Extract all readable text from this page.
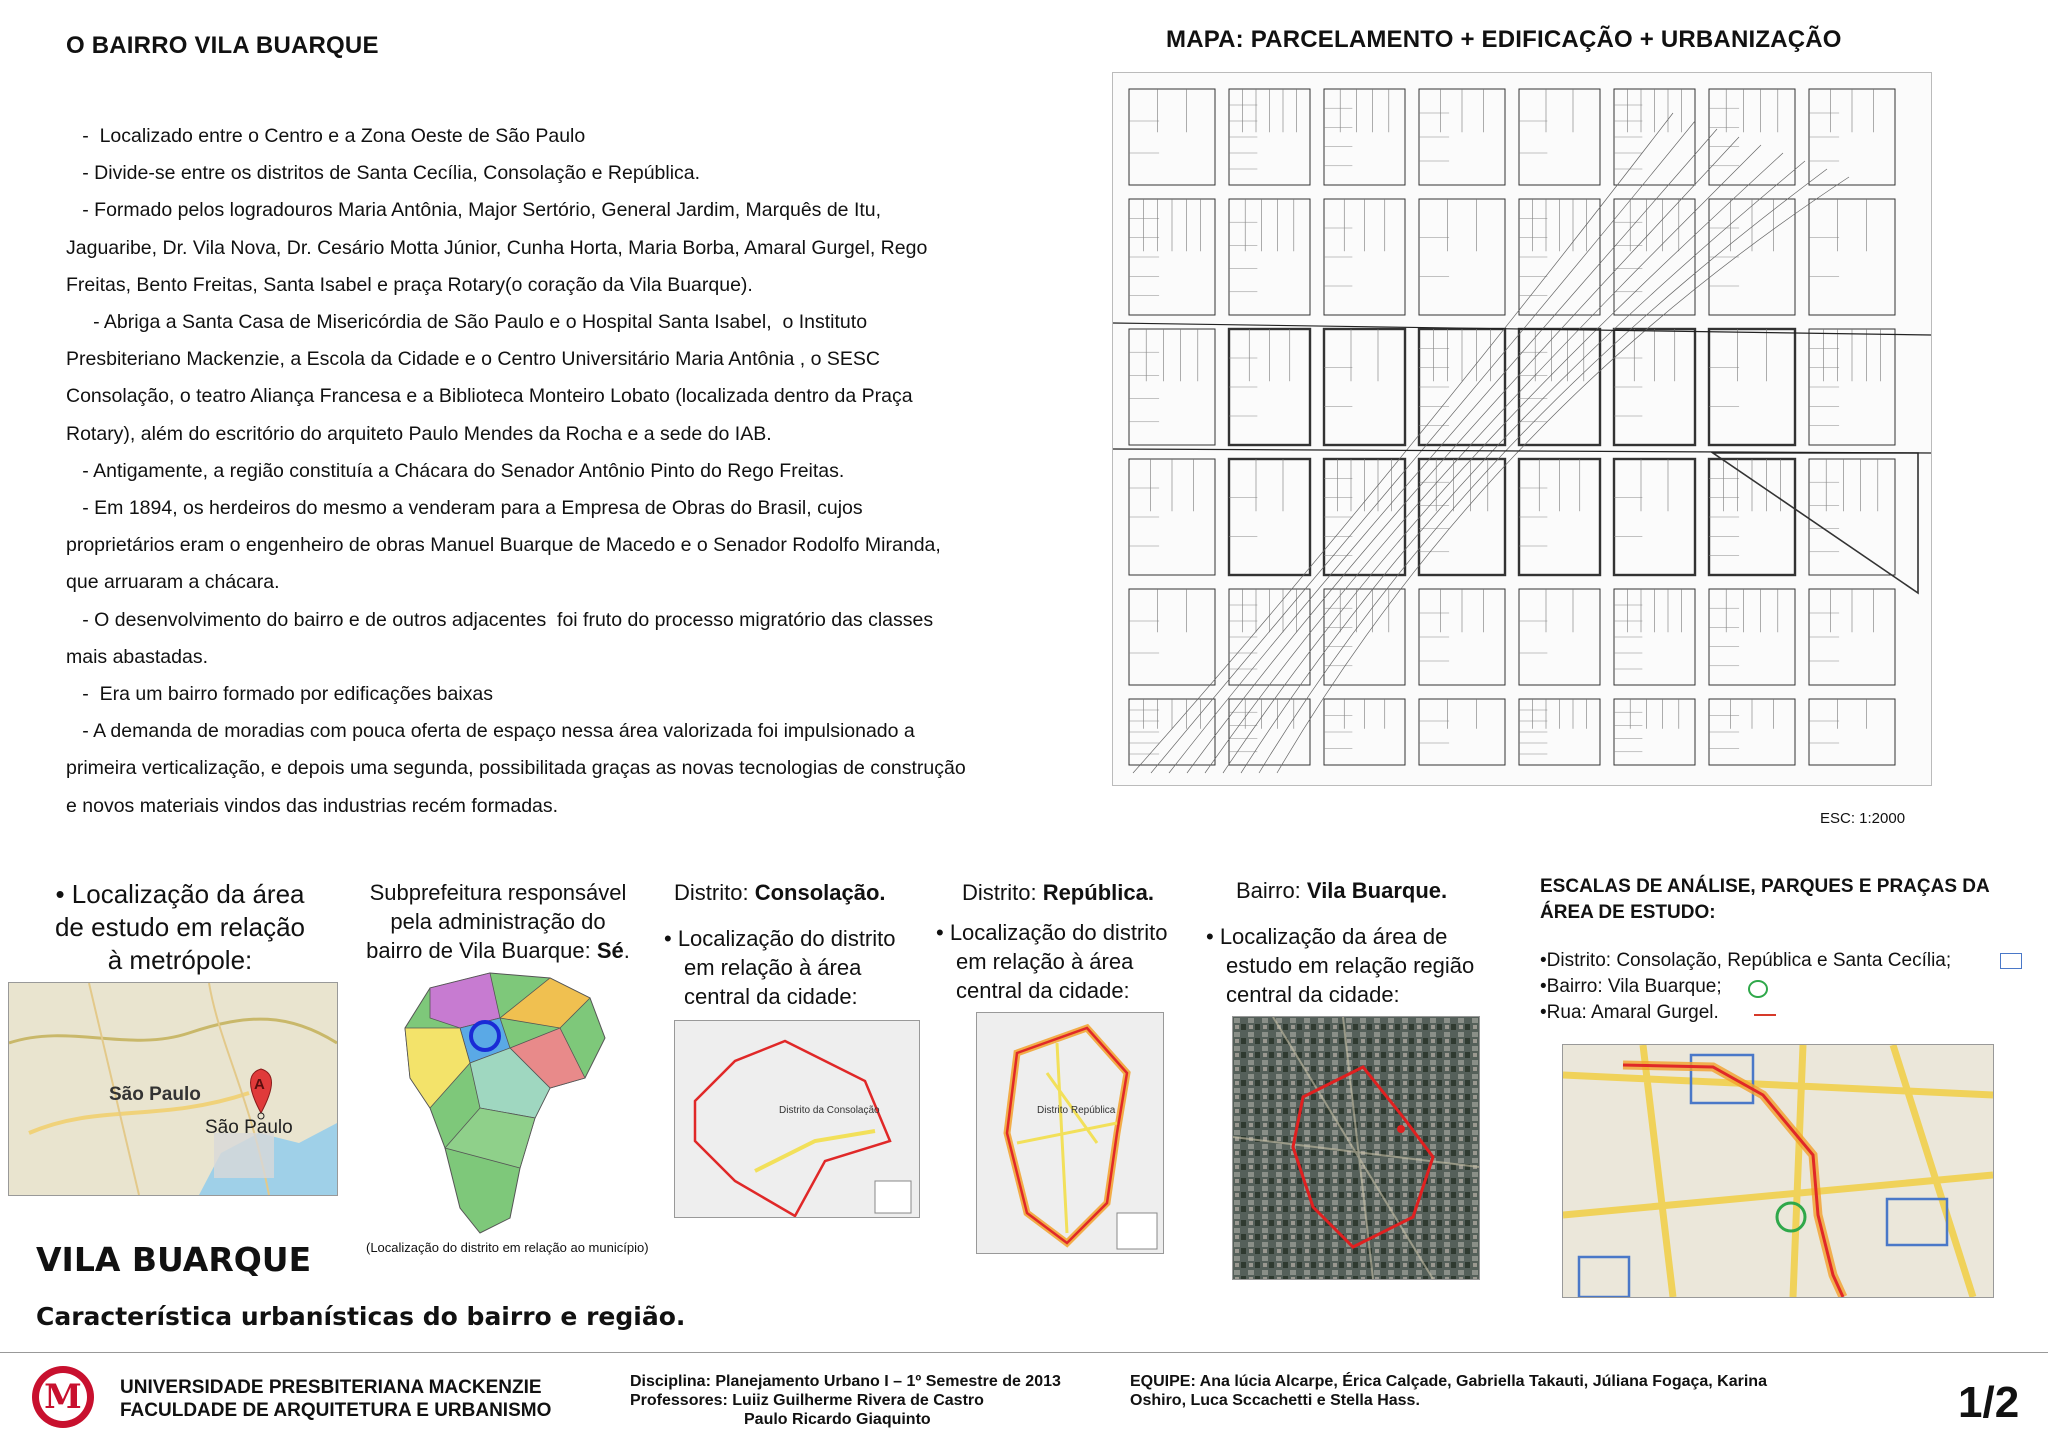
O BAIRRO VILA BUARQUE	MAPA: PARCELAMENTO + EDIFICAÇÃO + URBANIZAÇÃO

-  Localizado entre o Centro e a Zona Oeste de São Paulo

- Divide-se entre os distritos de Santa Cecília, Consolação e República.

- Formado pelos logradouros Maria Antônia, Major Sertório, General Jardim, Marquês de Itu,

Jaguaribe, Dr. Vila Nova, Dr. Cesário Motta Júnior, Cunha Horta, Maria Borba, Amaral Gurgel, Rego

Freitas, Bento Freitas, Santa Isabel e praça Rotary(o coração da Vila Buarque).

- Abriga a Santa Casa de Misericórdia de São Paulo e o Hospital Santa Isabel,  o Instituto

Presbiteriano Mackenzie, a Escola da Cidade e o Centro Universitário Maria Antônia , o SESC

Consolação, o teatro Aliança Francesa e a Biblioteca Monteiro Lobato (localizada dentro da Praça

Rotary), além do escritório do arquiteto Paulo Mendes da Rocha e a sede do IAB.

- Antigamente, a região constituía a Chácara do Senador Antônio Pinto do Rego Freitas.

- Em 1894, os herdeiros do mesmo a venderam para a Empresa de Obras do Brasil, cujos

proprietários eram o engenheiro de obras Manuel Buarque de Macedo e o Senador Rodolfo Miranda,

que arruaram a chácara.

- O desenvolvimento do bairro e de outros adjacentes  foi fruto do processo migratório das classes

mais abastadas.

-  Era um bairro formado por edificações baixas

- A demanda de moradias com pouca oferta de espaço nessa área valorizada foi impulsionado a

primeira verticalização, e depois uma segunda, possibilitada graças as novas tecnologias de construção

e novos materiais vindos das industrias recém formadas.

ESC: 1:2000
• Localização da área
de estudo em relação
à metrópole:
São Paulo
São Paulo
A
Subprefeitura responsável
pela administração do
bairro de Vila Buarque: Sé.
(Localização do distrito em relação ao município)
Distrito: Consolação.
• Localização do distrito
em relação à área
central da cidade:
Distrito da Consolação
Distrito: República.
• Localização do distrito
em relação à área
central da cidade:
Distrito República
Bairro: Vila Buarque.
• Localização da área de
estudo em relação região
central da cidade:
ESCALAS DE ANÁLISE, PARQUES E PRAÇAS DA
ÁREA DE ESTUDO:
•Distrito: Consolação, República e Santa Cecília;
•Bairro: Vila Buarque;
•Rua: Amaral Gurgel.
VILA BUARQUE
Característica urbanísticas do bairro e região.
M UNIVERSIDADE PRESBITERIANA MACKENZIE
FACULDADE DE ARQUITETURA E URBANISMO
Disciplina: Planejamento Urbano I – 1º Semestre de 2013
Professores: Luiiz Guilherme Rivera de Castro
Paulo Ricardo Giaquinto
EQUIPE: Ana lúcia Alcarpe, Érica Calçade, Gabriella Takauti, Júliana Fogaça, Karina
Oshiro, Luca Sccachetti e Stella Hass.	1/2
